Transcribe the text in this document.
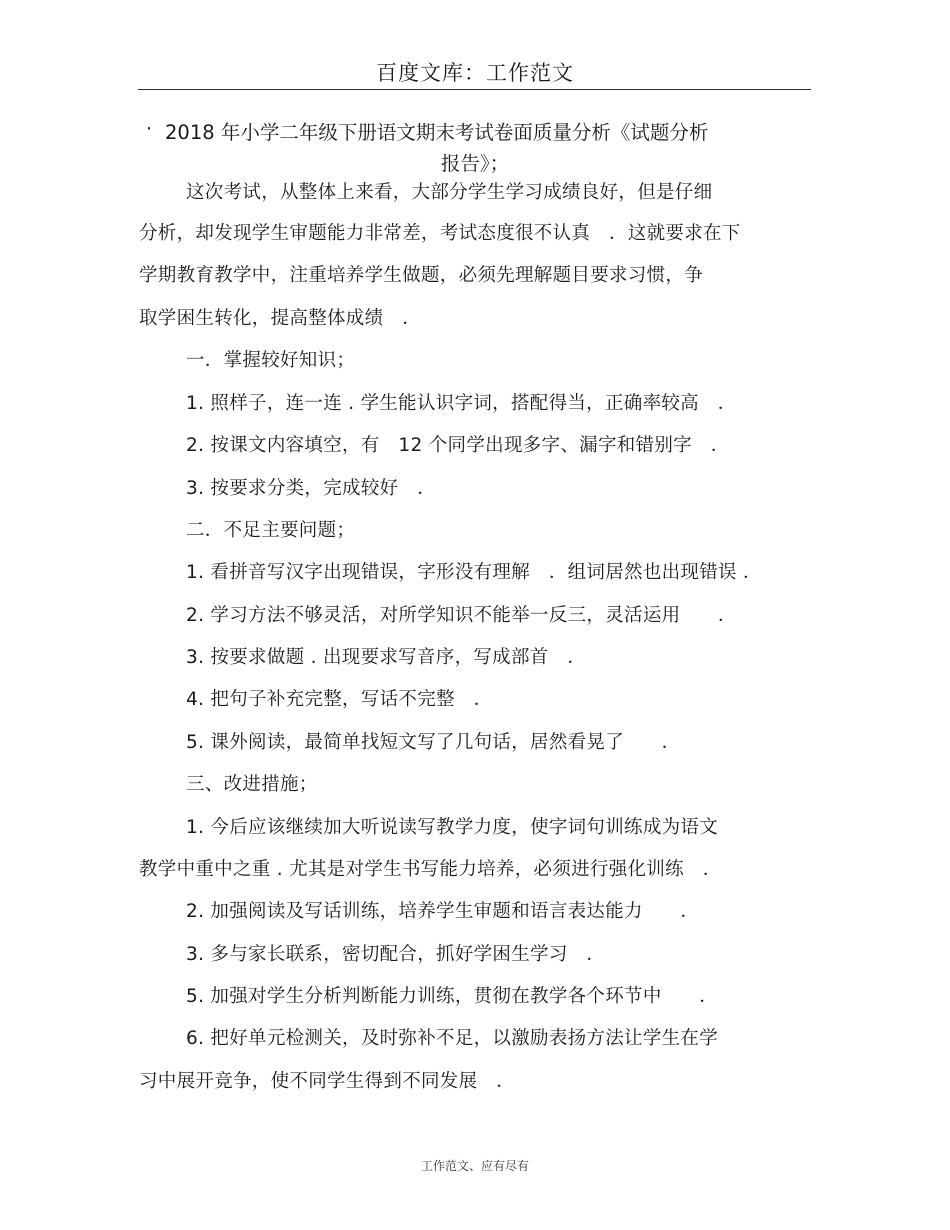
百度文库：工作范文
· 2018 年小学二年级下册语文期末考试卷面质量分析《试题分析
报告》；
这次考试，从整体上来看，大部分学生学习成绩良好，但是仔细
分析，却发现学生审题能力非常差，考试态度很不认真　．这就要求在下
学期教育教学中，注重培养学生做题，必须先理解题目要求习惯，争
取学困生转化，提高整体成绩　．
一．掌握较好知识；
1. 照样子，连一连 . 学生能认识字词，搭配得当，正确率较高　．
2. 按课文内容填空，有　12 个同学出现多字、漏字和错别字　．
3. 按要求分类，完成较好　．
二．不足主要问题；
1. 看拼音写汉字出现错误，字形没有理解　．组词居然也出现错误 ．
2. 学习方法不够灵活，对所学知识不能举一反三，灵活运用　　．
3. 按要求做题 . 出现要求写音序，写成部首　．
4. 把句子补充完整，写话不完整　．
5. 课外阅读，最简单找短文写了几句话，居然看晃了　　．
三、改进措施；
1. 今后应该继续加大听说读写教学力度，使字词句训练成为语文
教学中重中之重 . 尤其是对学生书写能力培养，必须进行强化训练　．
2. 加强阅读及写话训练，培养学生审题和语言表达能力　　．
3. 多与家长联系，密切配合，抓好学困生学习　．
5. 加强对学生分析判断能力训练，贯彻在教学各个环节中　　．
6. 把好单元检测关，及时弥补不足，以激励表扬方法让学生在学
习中展开竞争，使不同学生得到不同发展　．
工作范文、应有尽有
